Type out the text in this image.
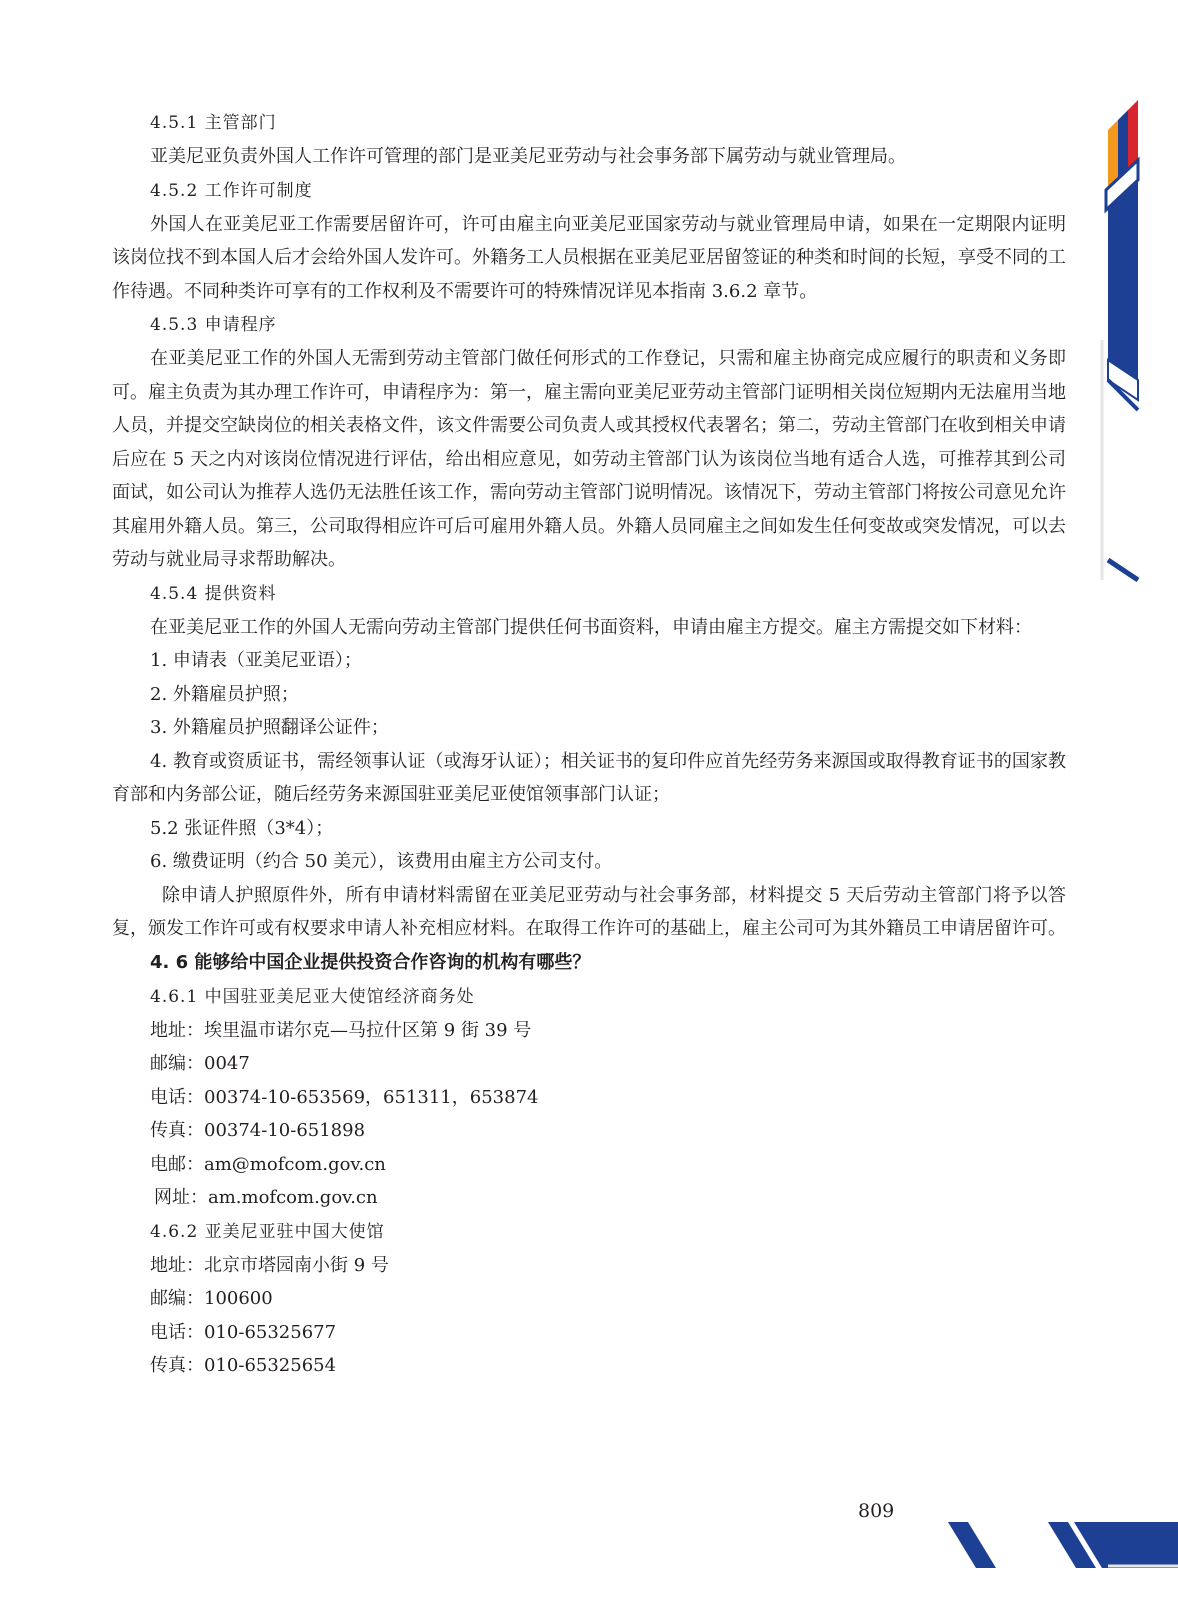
4.5.1 主管部门

亚美尼亚负责外国人工作许可管理的部门是亚美尼亚劳动与社会事务部下属劳动与就业管理局。

4.5.2 工作许可制度

外国人在亚美尼亚工作需要居留许可，许可由雇主向亚美尼亚国家劳动与就业管理局申请，如果在一定期限内证明该岗位找不到本国人后才会给外国人发许可。外籍务工人员根据在亚美尼亚居留签证的种类和时间的长短，享受不同的工作待遇。不同种类许可享有的工作权利及不需要许可的特殊情况详见本指南 3.6.2 章节。

4.5.3 申请程序

在亚美尼亚工作的外国人无需到劳动主管部门做任何形式的工作登记，只需和雇主协商完成应履行的职责和义务即可。雇主负责为其办理工作许可，申请程序为：第一，雇主需向亚美尼亚劳动主管部门证明相关岗位短期内无法雇用当地人员，并提交空缺岗位的相关表格文件，该文件需要公司负责人或其授权代表署名；第二，劳动主管部门在收到相关申请后应在 5 天之内对该岗位情况进行评估，给出相应意见，如劳动主管部门认为该岗位当地有适合人选，可推荐其到公司面试，如公司认为推荐人选仍无法胜任该工作，需向劳动主管部门说明情况。该情况下，劳动主管部门将按公司意见允许其雇用外籍人员。第三，公司取得相应许可后可雇用外籍人员。外籍人员同雇主之间如发生任何变故或突发情况，可以去劳动与就业局寻求帮助解决。

4.5.4 提供资料

在亚美尼亚工作的外国人无需向劳动主管部门提供任何书面资料，申请由雇主方提交。雇主方需提交如下材料：

1. 申请表（亚美尼亚语）；
2. 外籍雇员护照；
3. 外籍雇员护照翻译公证件；

4. 教育或资质证书，需经领事认证（或海牙认证）；相关证书的复印件应首先经劳务来源国或取得教育证书的国家教育部和内务部公证，随后经劳务来源国驻亚美尼亚使馆领事部门认证；

5.2 张证件照（3*4）；
6. 缴费证明（约合 50 美元），该费用由雇主方公司支付。

除申请人护照原件外，所有申请材料需留在亚美尼亚劳动与社会事务部，材料提交 5 天后劳动主管部门将予以答复，颁发工作许可或有权要求申请人补充相应材料。在取得工作许可的基础上，雇主公司可为其外籍员工申请居留许可。

4. 6 能够给中国企业提供投资合作咨询的机构有哪些？
4.6.1 中国驻亚美尼亚大使馆经济商务处
地址：埃里温市诺尔克—马拉什区第 9 街 39 号
邮编：0047
电话：00374-10-653569，651311，653874
传真：00374-10-651898
电邮：am@mofcom.gov.cn
网址：am.mofcom.gov.cn
4.6.2 亚美尼亚驻中国大使馆
地址：北京市塔园南小街 9 号
邮编：100600
电话：010-65325677
传真：010-65325654
809
